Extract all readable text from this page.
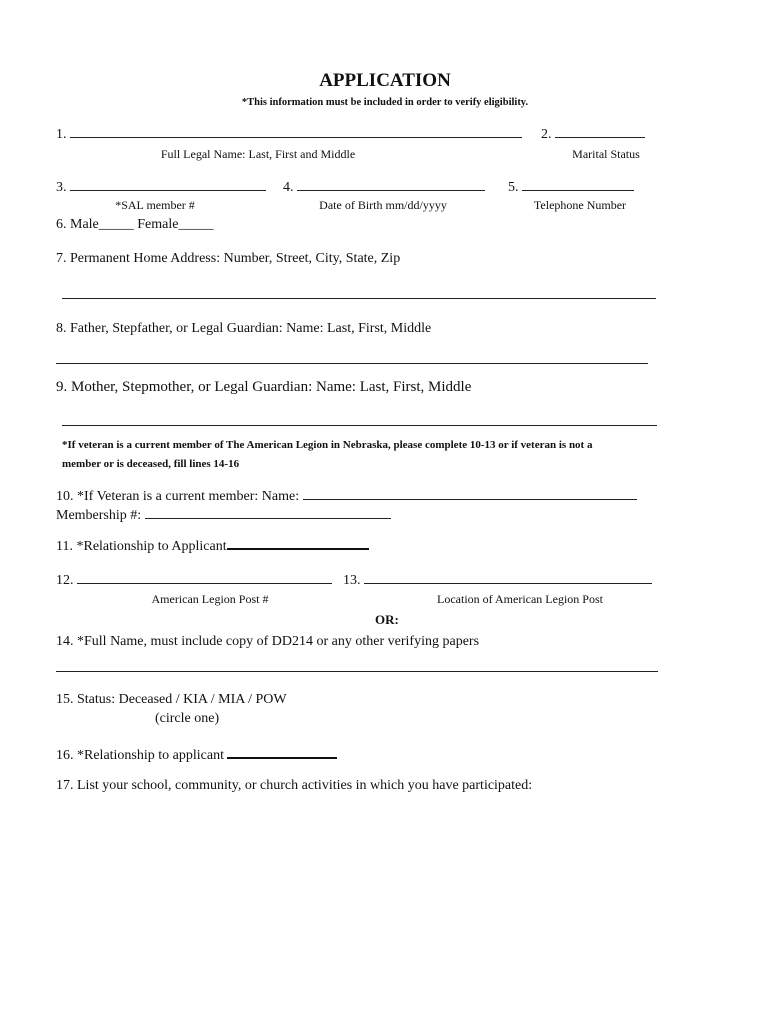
APPLICATION
*This information must be included in order to verify eligibility.
1.
Full Legal Name: Last, First and Middle
2.
Marital Status
3.
*SAL member #
4.
Date of Birth mm/dd/yyyy
5.
Telephone Number
6. Male_____ Female_____
7. Permanent Home Address: Number, Street, City, State, Zip
8. Father, Stepfather, or Legal Guardian: Name: Last, First, Middle
9. Mother, Stepmother, or Legal Guardian: Name: Last, First, Middle
*If veteran is a current member of The American Legion in Nebraska, please complete 10-13 or if veteran is not a
member or is deceased, fill lines 14-16
10. *If Veteran is a current member: Name:
Membership #:
11. *Relationship to Applicant
12.
American Legion Post #
13.
Location of American Legion Post
OR:
14. *Full Name, must include copy of DD214 or any other verifying papers
15. Status: Deceased / KIA / MIA / POW
(circle one)
16. *Relationship to applicant
17. List your school, community, or church activities in which you have participated:
